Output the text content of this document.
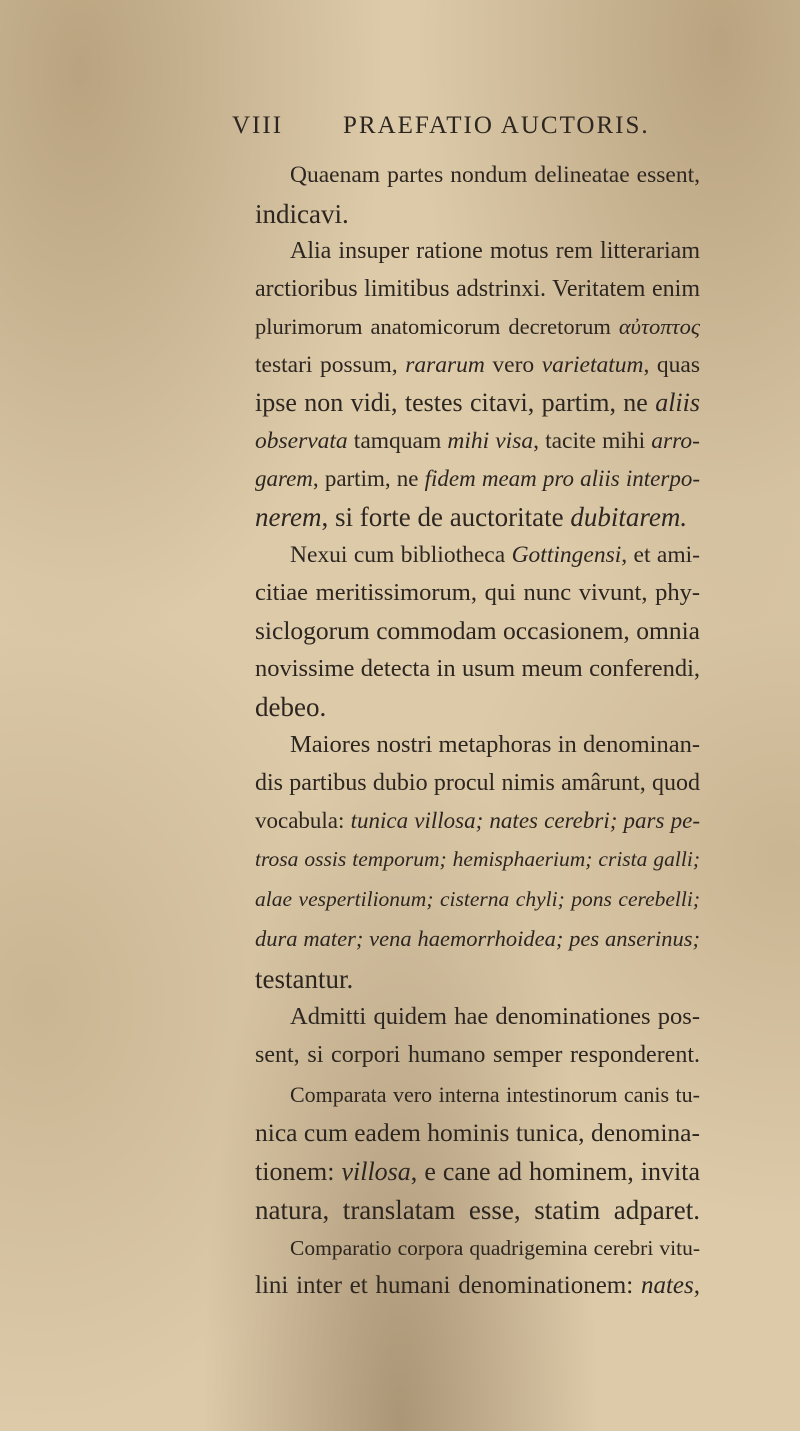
VIII PRAEFATIO AUCTORIS.
Quaenam partes nondum delineatae essent,
indicavi.
Alia insuper ratione motus rem litterariam
arctioribus limitibus adstrinxi. Veritatem enim
plurimorum anatomicorum decretorum αὐτοπτος
testari possum, rararum vero varietatum, quas
ipse non vidi, testes citavi, partim, ne aliis
observata tamquam mihi visa, tacite mihi arro-
garem, partim, ne fidem meam pro aliis interpo-
nerem, si forte de auctoritate dubitarem.
Nexui cum bibliotheca Gottingensi, et ami-
citiae meritissimorum, qui nunc vivunt, phy-
siclogorum commodam occasionem, omnia
novissime detecta in usum meum conferendi,
debeo.
Maiores nostri metaphoras in denominan-
dis partibus dubio procul nimis amârunt, quod
vocabula: tunica villosa; nates cerebri; pars pe-
trosa ossis temporum; hemisphaerium; crista galli;
alae vespertilionum; cisterna chyli; pons cerebelli;
dura mater; vena haemorrhoidea; pes anserinus;
testantur.
Admitti quidem hae denominationes pos-
sent, si corpori humano semper responderent.
Comparata vero interna intestinorum canis tu-
nica cum eadem hominis tunica, denomina-
tionem: villosa, e cane ad hominem, invita
natura, translatam esse, statim adparet.
Comparatio corpora quadrigemina cerebri vitu-
lini inter et humani denominationem: nates,
